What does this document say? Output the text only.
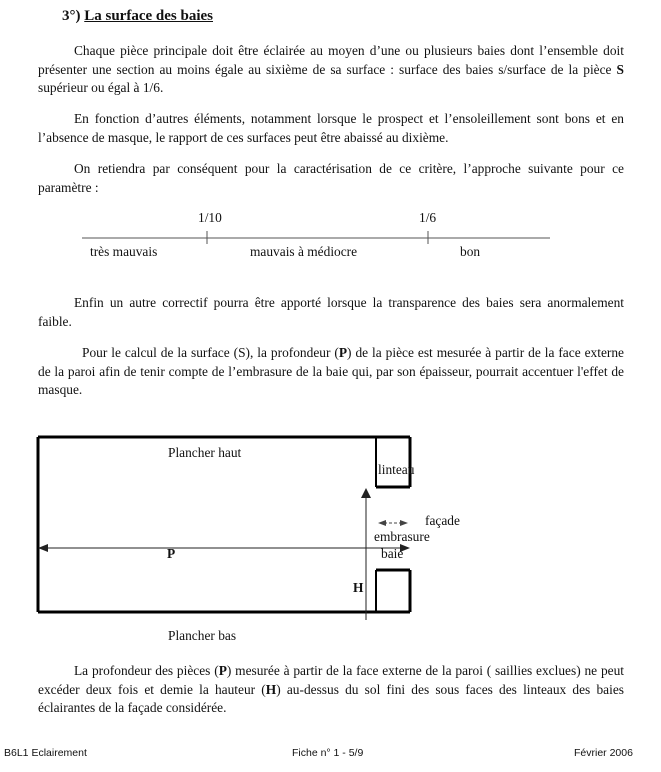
3°) La surface des baies
Chaque pièce principale doit être éclairée au moyen d’une ou plusieurs baies dont l’ensemble doit présenter une section au moins égale au sixième de sa surface : surface des baies s/surface de la pièce S supérieur ou égal à 1/6.
En fonction d’autres éléments, notamment lorsque le prospect et l’ensoleillement sont bons et en l’absence de masque, le rapport de ces surfaces peut être abaissé au dixième.
On retiendra par conséquent pour la caractérisation de ce critère, l’approche suivante pour ce paramètre :
1/10	1/6
très mauvais	mauvais à médiocre	bon
Enfin un autre correctif pourra être apporté lorsque la transparence des baies sera anormalement faible.
Pour le calcul de la surface (S), la profondeur (P) de la pièce est mesurée à partir de la face externe de la paroi afin de tenir compte de l’embrasure de la baie qui, par son épaisseur, pourrait accentuer l'effet de masque.
Plancher haut
linteau
façade
embrasure
baie
P
H
Plancher bas
La profondeur des pièces (P) mesurée à partir de la face externe de la paroi ( saillies exclues) ne peut excéder deux fois et demie la hauteur (H) au-dessus du sol fini des sous faces des linteaux des baies éclairantes de la façade considérée.
B6L1 Eclairement	Fiche n° 1 - 5/9	Février 2006
